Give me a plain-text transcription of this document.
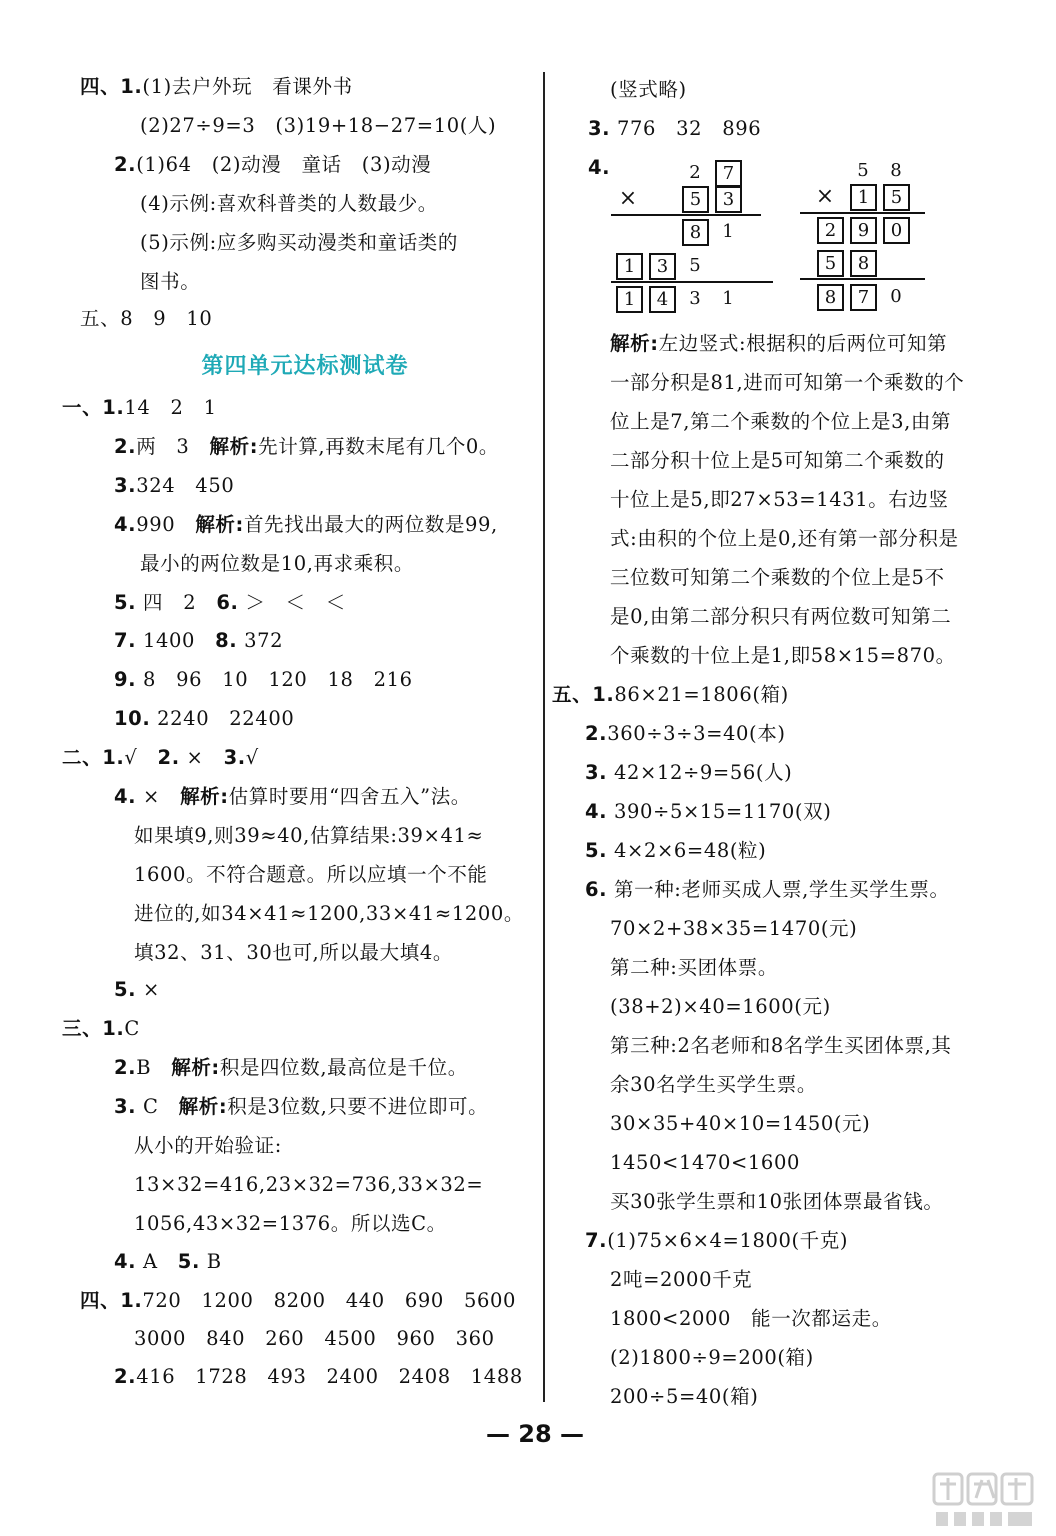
四、1.(1)去户外玩　看课外书
(2)27÷9=3　(3)19+18−27=10(人)
2.(1)64　(2)动漫　童话　(3)动漫
(4)示例:喜欢科普类的人数最少。
(5)示例:应多购买动漫类和童话类的
图书。
五、8　9　10
第四单元达标测试卷
一、1.14　2　1
2.两　3　 解析:先计算,再数末尾有几个0。
3.324　450
4.990　 解析:首先找出最大的两位数是99,
最小的两位数是10,再求乘积。
5. 四　2　 6. ＞　＜　＜
7. 1400　 8. 372
9. 8　96　10　120　18　216
10. 2240　22400
二、1.√　 2. ×　 3.√
4. ×　 解析:估算时要用“四舍五入”法。
如果填9,则39≈40,估算结果:39×41≈
1600。不符合题意。所以应填一个不能
进位的,如34×41≈1200,33×41≈1200。
填32、31、30也可,所以最大填4。
5. ×
三、1.C
2.B　 解析:积是四位数,最高位是千位。
3. C　 解析:积是3位数,只要不进位即可。
从小的开始验证:
13×32=416,23×32=736,33×32=
1056,43×32=1376。所以选C。
4. A　 5. B
四、1.720　1200　8200　440　690　5600
3000　840　260　4500　960　360
2.416　1728　493　2400　2408　1488
(竖式略)
3. 776　32　896
4.	2	7
×	5	3
8	1
1	3	5
1	4	3	1
5	8
×	1	5
2	9	0
5	8
8	7	0
解析:左边竖式:根据积的后两位可知第
一部分积是81,进而可知第一个乘数的个
位上是7,第二个乘数的个位上是3,由第
二部分积十位上是5可知第二个乘数的
十位上是5,即27×53=1431。右边竖
式:由积的个位上是0,还有第一部分积是
三位数可知第二个乘数的个位上是5不
是0,由第二部分积只有两位数可知第二
个乘数的十位上是1,即58×15=870。
五、1.86×21=1806(箱)
2.360÷3÷3=40(本)
3. 42×12÷9=56(人)
4. 390÷5×15=1170(双)
5. 4×2×6=48(粒)
6. 第一种:老师买成人票,学生买学生票。
70×2+38×35=1470(元)
第二种:买团体票。
(38+2)×40=1600(元)
第三种:2名老师和8名学生买团体票,其
余30名学生买学生票。
30×35+40×10=1450(元)
1450<1470<1600
买30张学生票和10张团体票最省钱。
7.(1)75×6×4=1800(千克)
2吨=2000千克
1800<2000　能一次都运走。
(2)1800÷9=200(箱)
200÷5=40(箱)
— 28 —
